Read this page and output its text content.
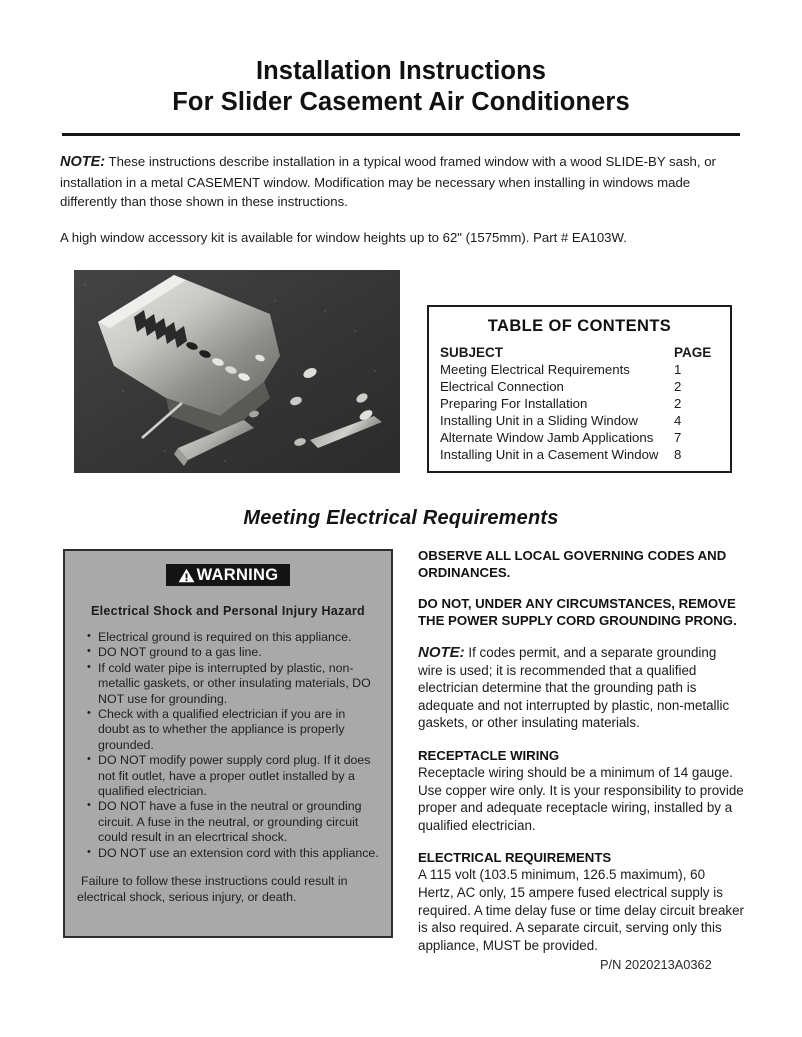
Installation Instructions
For Slider Casement Air Conditioners
NOTE: These instructions describe installation in a typical wood framed window with a wood SLIDE-BY sash, or installation in a metal CASEMENT window. Modification may be necessary when installing in windows made differently than those shown in these instructions.
A high window accessory kit is available for window heights up to 62" (1575mm). Part # EA103W.
TABLE OF CONTENTS
SUBJECT	PAGE
Meeting Electrical Requirements	1
Electrical Connection	2
Preparing For Installation	2
Installing Unit in a Sliding Window	4
Alternate Window Jamb Applications	7
Installing Unit in a Casement Window	8
Meeting Electrical Requirements
WARNING
Electrical Shock and Personal Injury Hazard
• Electrical ground is required on this appliance.
• DO NOT ground to a gas line.
• If cold water pipe is interrupted by plastic, non-metallic gaskets, or other insulating materials, DO NOT use for grounding.
• Check with a qualified electrician if you are in doubt as to whether the appliance is properly grounded.
• DO NOT modify power supply cord plug. If it does not fit outlet, have a proper outlet installed by a qualified electrician.
• DO NOT have a fuse in the neutral or grounding circuit. A fuse in the neutral, or grounding circuit could result in an elecrtrical shock.
• DO NOT use an extension cord with this appliance.
Failure to follow these instructions could result in electrical shock, serious injury, or death.
OBSERVE ALL LOCAL GOVERNING CODES AND ORDINANCES.
DO NOT, UNDER ANY CIRCUMSTANCES, REMOVE THE POWER SUPPLY CORD GROUNDING PRONG.
NOTE: If codes permit, and a separate grounding wire is used; it is recommended that a qualified electrician determine that the grounding path is adequate and not interrupted by plastic, non-metallic gaskets, or other insulating materials.
RECEPTACLE WIRING
Receptacle wiring should be a minimum of 14 gauge. Use copper wire only. It is your responsibility to provide proper and adequate receptacle wiring, installed by a qualified electrician.
ELECTRICAL REQUIREMENTS
A 115 volt (103.5 minimum, 126.5 maximum), 60 Hertz, AC only, 15 ampere fused electrical supply is required. A time delay fuse or time delay circuit breaker is also required. A separate circuit, serving only this appliance, MUST be provided.
P/N 2020213A0362
